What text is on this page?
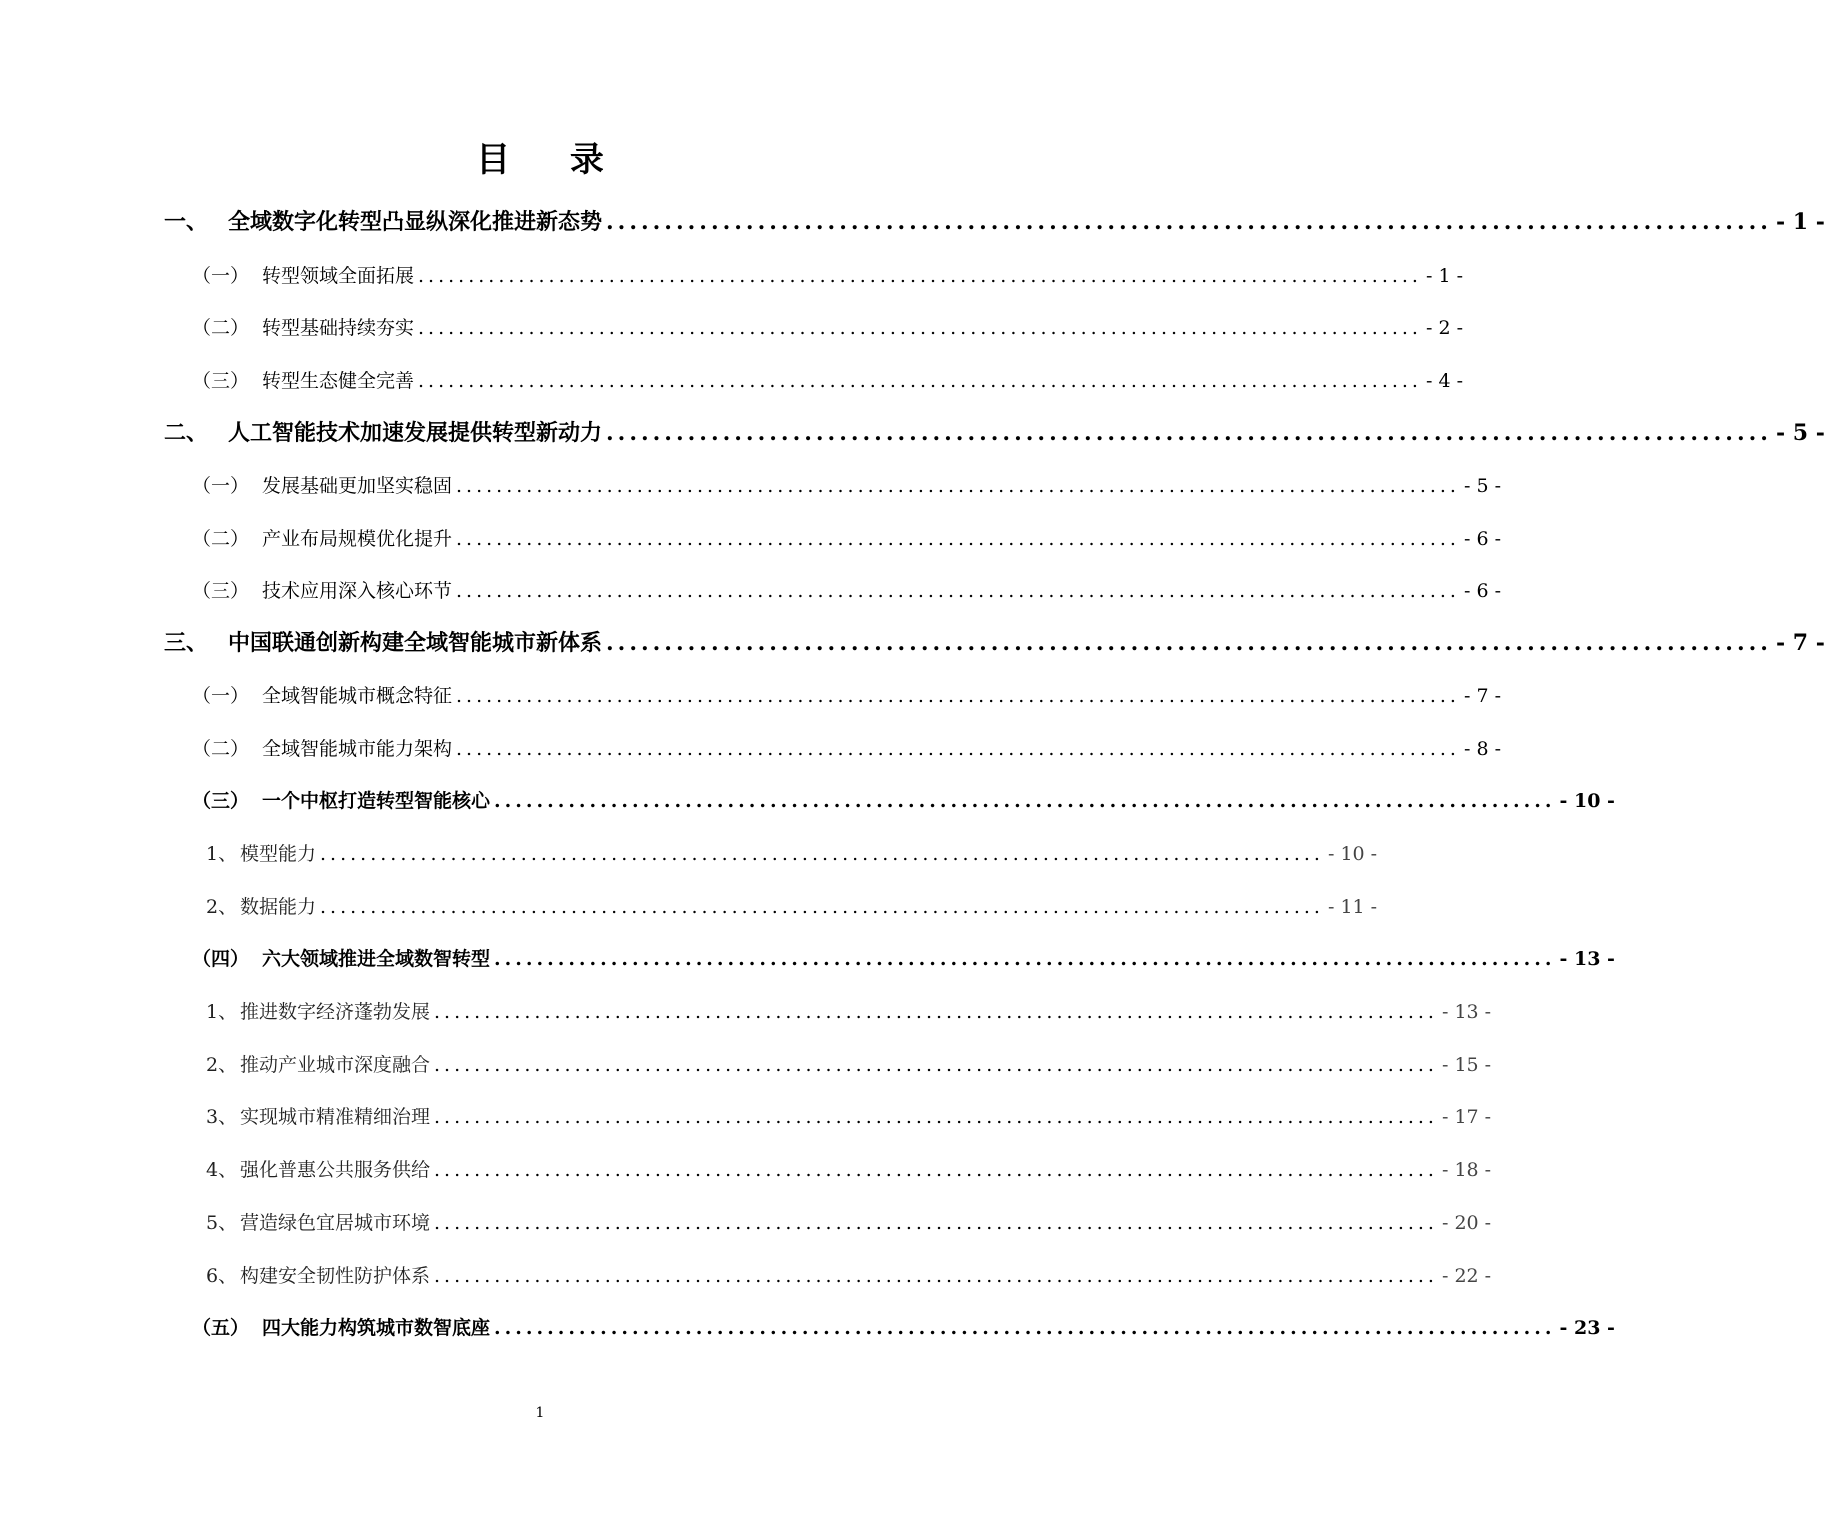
目 录
一、 全域数字化转型凸显纵深化推进新态势 .................................................................................................... - 1 -
（一） 转型领域全面拓展 .................................................................................................... - 1 -
（二） 转型基础持续夯实 .................................................................................................... - 2 -
（三） 转型生态健全完善 .................................................................................................... - 4 -
二、 人工智能技术加速发展提供转型新动力 .................................................................................................... - 5 -
（一） 发展基础更加坚实稳固 .................................................................................................... - 5 -
（二） 产业布局规模优化提升 .................................................................................................... - 6 -
（三） 技术应用深入核心环节 .................................................................................................... - 6 -
三、 中国联通创新构建全域智能城市新体系 .................................................................................................... - 7 -
（一） 全域智能城市概念特征 .................................................................................................... - 7 -
（二） 全域智能城市能力架构 .................................................................................................... - 8 -
（三） 一个中枢打造转型智能核心 .................................................................................................... - 10 -
1、 模型能力 .................................................................................................... - 10 -
2、 数据能力 .................................................................................................... - 11 -
（四） 六大领域推进全域数智转型 .................................................................................................... - 13 -
1、 推进数字经济蓬勃发展 .................................................................................................... - 13 -
2、 推动产业城市深度融合 .................................................................................................... - 15 -
3、 实现城市精准精细治理 .................................................................................................... - 17 -
4、 强化普惠公共服务供给 .................................................................................................... - 18 -
5、 营造绿色宜居城市环境 .................................................................................................... - 20 -
6、 构建安全韧性防护体系 .................................................................................................... - 22 -
（五） 四大能力构筑城市数智底座 .................................................................................................... - 23 -
1
